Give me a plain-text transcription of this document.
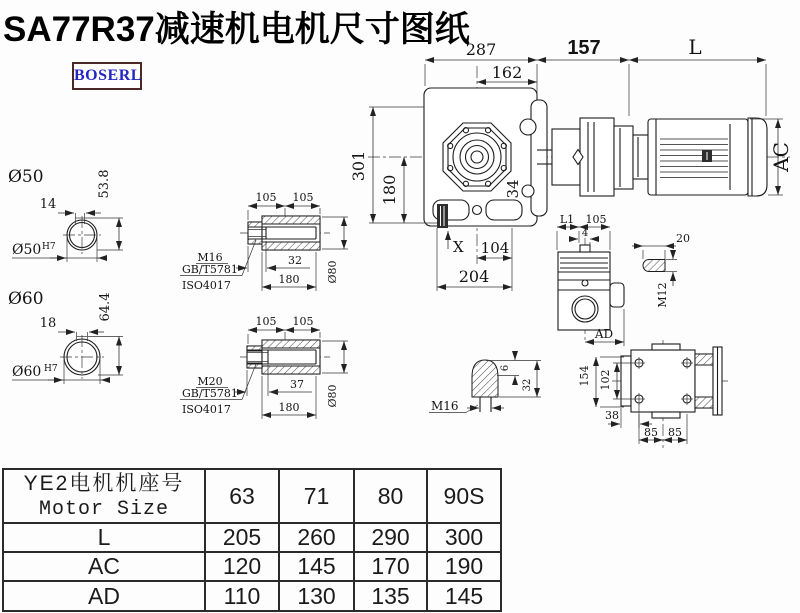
SA77R37减速机电机尺寸图纸
BOSERL
287
162
157	L
301
180	34
AC
X 104
204
Ø50
14
53.8
Ø50 H7
Ø60
18
64.4
Ø60 H7
105 105
M16
GB/T5781
ISO4017
32
180 Ø80
105 105
M20
GB/T5781
ISO4017
37
180 Ø80
L1 105
4
AD
20
M12
M16
6
32	154 102
38
85 85
YE2电机机座号
Motor Size	63	71	80	90S
L	205	260	290	300
AC	120	145	170	190
AD	110	130	135	145
